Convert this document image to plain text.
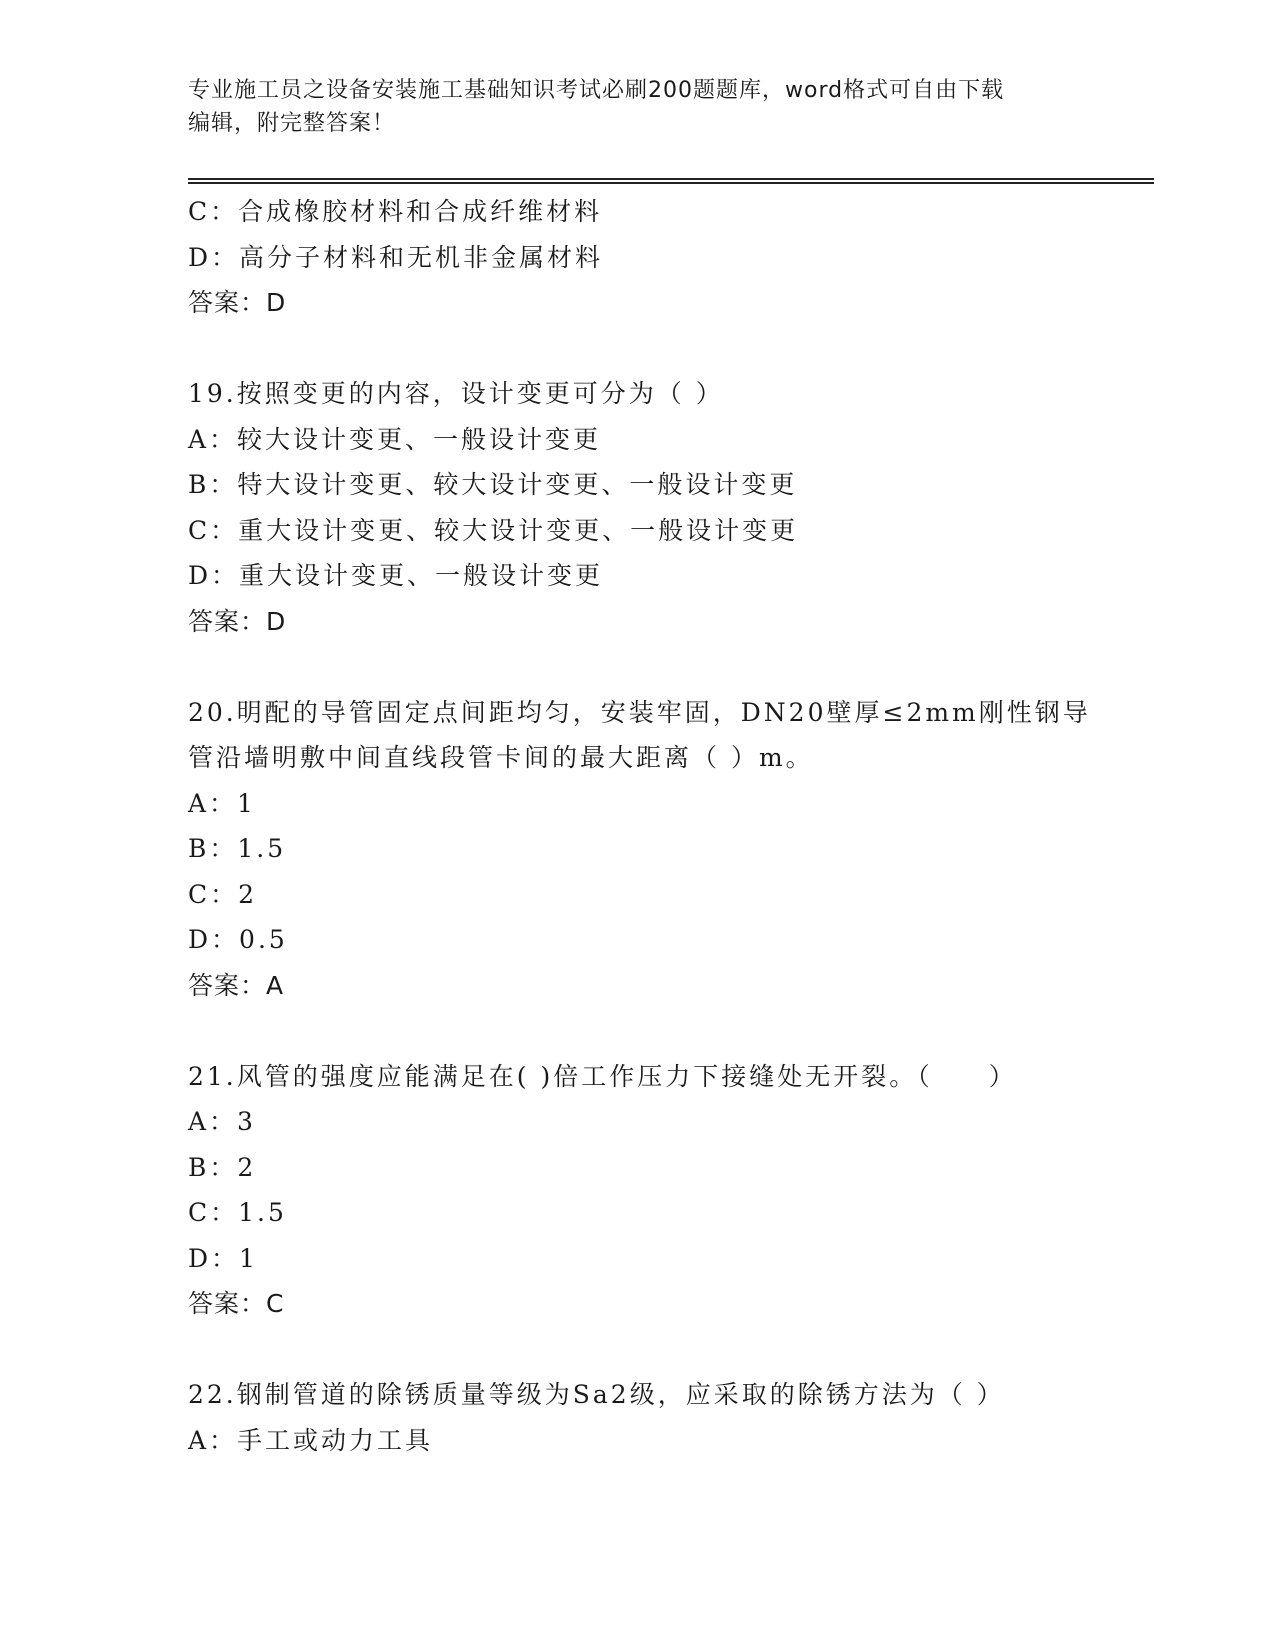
专业施工员之设备安装施工基础知识考试必刷200题题库，word格式可自由下载
编辑，附完整答案！
C：合成橡胶材料和合成纤维材料
D：高分子材料和无机非金属材料
答案：D
19.按照变更的内容，设计变更可分为（ ）
A：较大设计变更、一般设计变更
B：特大设计变更、较大设计变更、一般设计变更
C：重大设计变更、较大设计变更、一般设计变更
D：重大设计变更、一般设计变更
答案：D
20.明配的导管固定点间距均匀，安装牢固，DN20壁厚≤2mm刚性钢导
管沿墙明敷中间直线段管卡间的最大距离（ ）m。
A：1
B：1.5
C：2
D：0.5
答案：A
21.风管的强度应能满足在( )倍工作压力下接缝处无开裂。（　　）
A：3
B：2
C：1.5
D：1
答案：C
22.钢制管道的除锈质量等级为Sa2级，应采取的除锈方法为（ ）
A：手工或动力工具
